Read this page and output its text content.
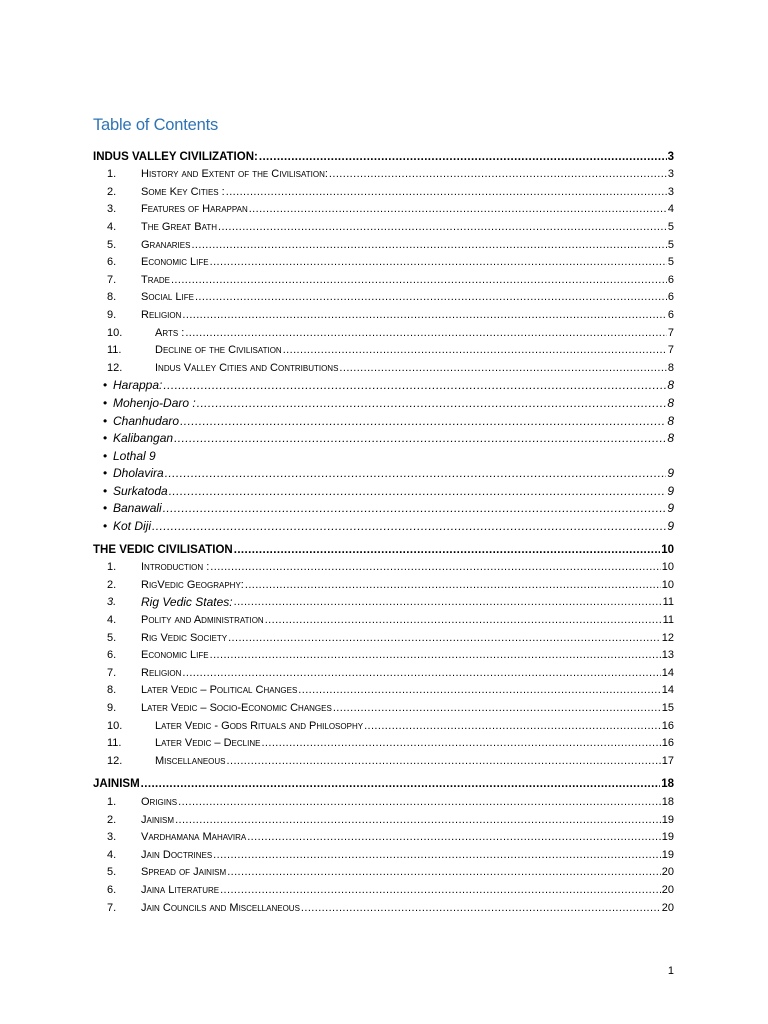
Table of Contents
INDUS VALLEY CIVILIZATION: .....	3
1.	History and Extent of the Civilisation: .....	3
2.	Some Key Cities : .....	3
3.	Features of Harappan .....	4
4.	The Great Bath .....	5
5.	Granaries .....	5
6.	Economic Life .....	5
7.	Trade .....	6
8.	Social Life .....	6
9.	Religion .....	6
10.	Arts : .....	7
11.	Decline of the Civilisation .....	7
12.	Indus Valley Cities and Contributions .....	8
• Harappa: .....	8
• Mohenjo-Daro : .....	8
• Chanhudaro .....	8
• Kalibangan .....	8
• Lothal 9
• Dholavira .....	9
• Surkatoda .....	9
• Banawali .....	9
• Kot Diji .....	9
THE VEDIC CIVILISATION .....	10
1.	Introduction : .....	10
2.	RigVedic Geography: .....	10
3.	Rig Vedic States: .....	11
4.	Polity and Administration .....	11
5.	Rig Vedic Society .....	12
6.	Economic Life .....	13
7.	Religion .....	14
8.	Later Vedic – Political Changes .....	14
9.	Later Vedic – Socio-Economic Changes .....	15
10.	Later Vedic - Gods Rituals and Philosophy .....	16
11.	Later Vedic – Decline .....	16
12.	Miscellaneous .....	17
JAINISM .....	18
1.	Origins .....	18
2.	Jainism .....	19
3.	Vardhamana Mahavira .....	19
4.	Jain Doctrines .....	19
5.	Spread of Jainism .....	20
6.	Jaina Literature .....	20
7.	Jain Councils and Miscellaneous .....	20
1
